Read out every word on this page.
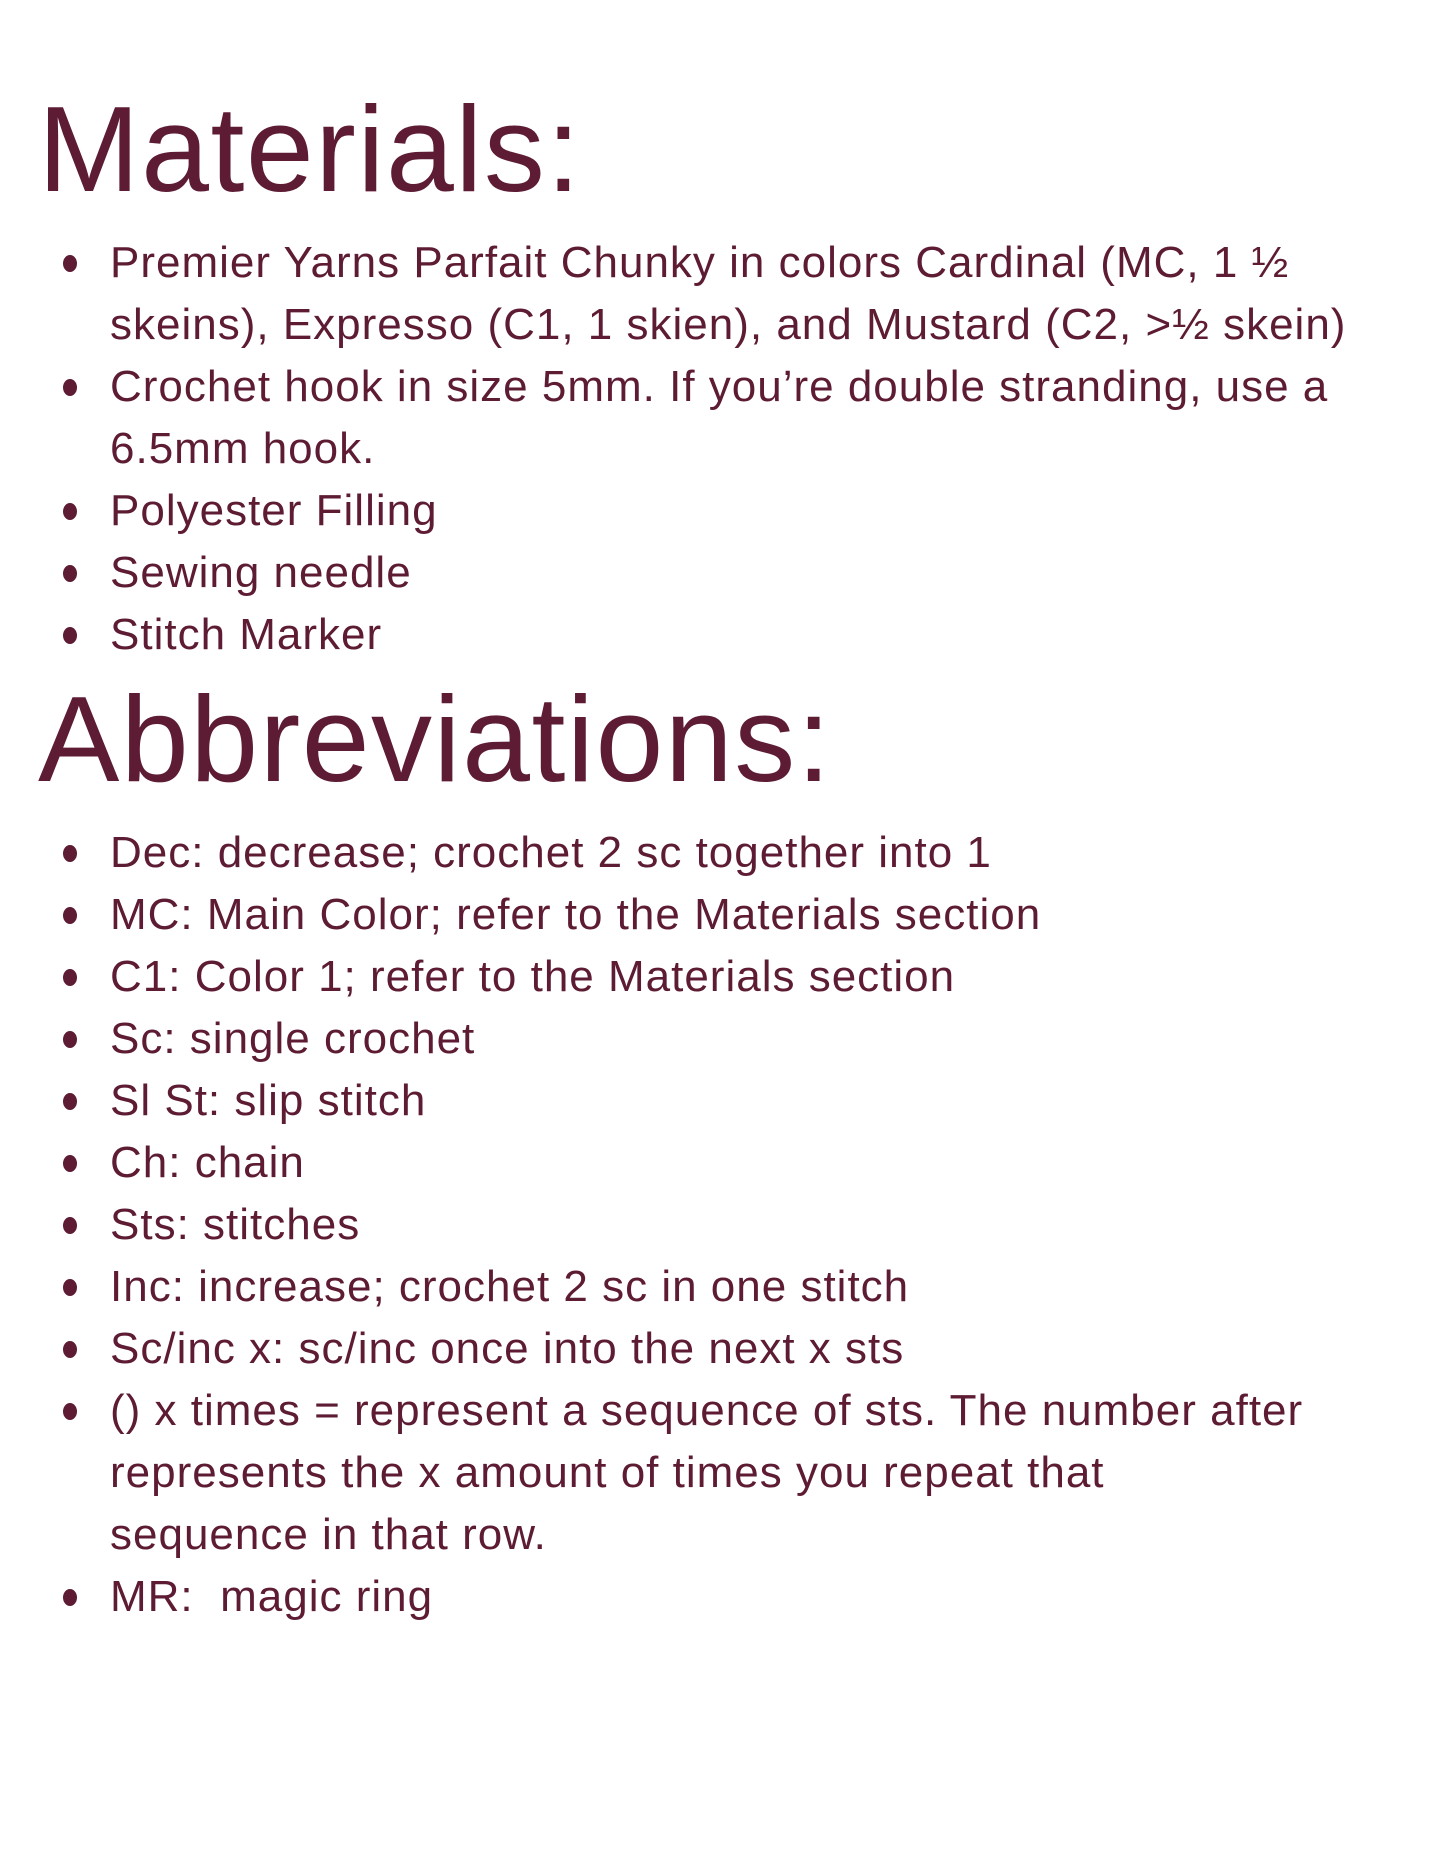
Materials:
Premier Yarns Parfait Chunky in colors Cardinal (MC, 1 ½
skeins), Expresso (C1, 1 skien), and Mustard (C2, >½ skein)
Crochet hook in size 5mm. If you’re double stranding, use a
6.5mm hook.
Polyester Filling
Sewing needle
Stitch Marker
Abbreviations:
Dec: decrease; crochet 2 sc together into 1
MC: Main Color; refer to the Materials section
C1: Color 1; refer to the Materials section
Sc: single crochet
Sl St: slip stitch
Ch: chain
Sts: stitches
Inc: increase; crochet 2 sc in one stitch
Sc/inc x: sc/inc once into the next x sts
() x times = represent a sequence of sts. The number after
represents the x amount of times you repeat that
sequence in that row.
MR:  magic ring
